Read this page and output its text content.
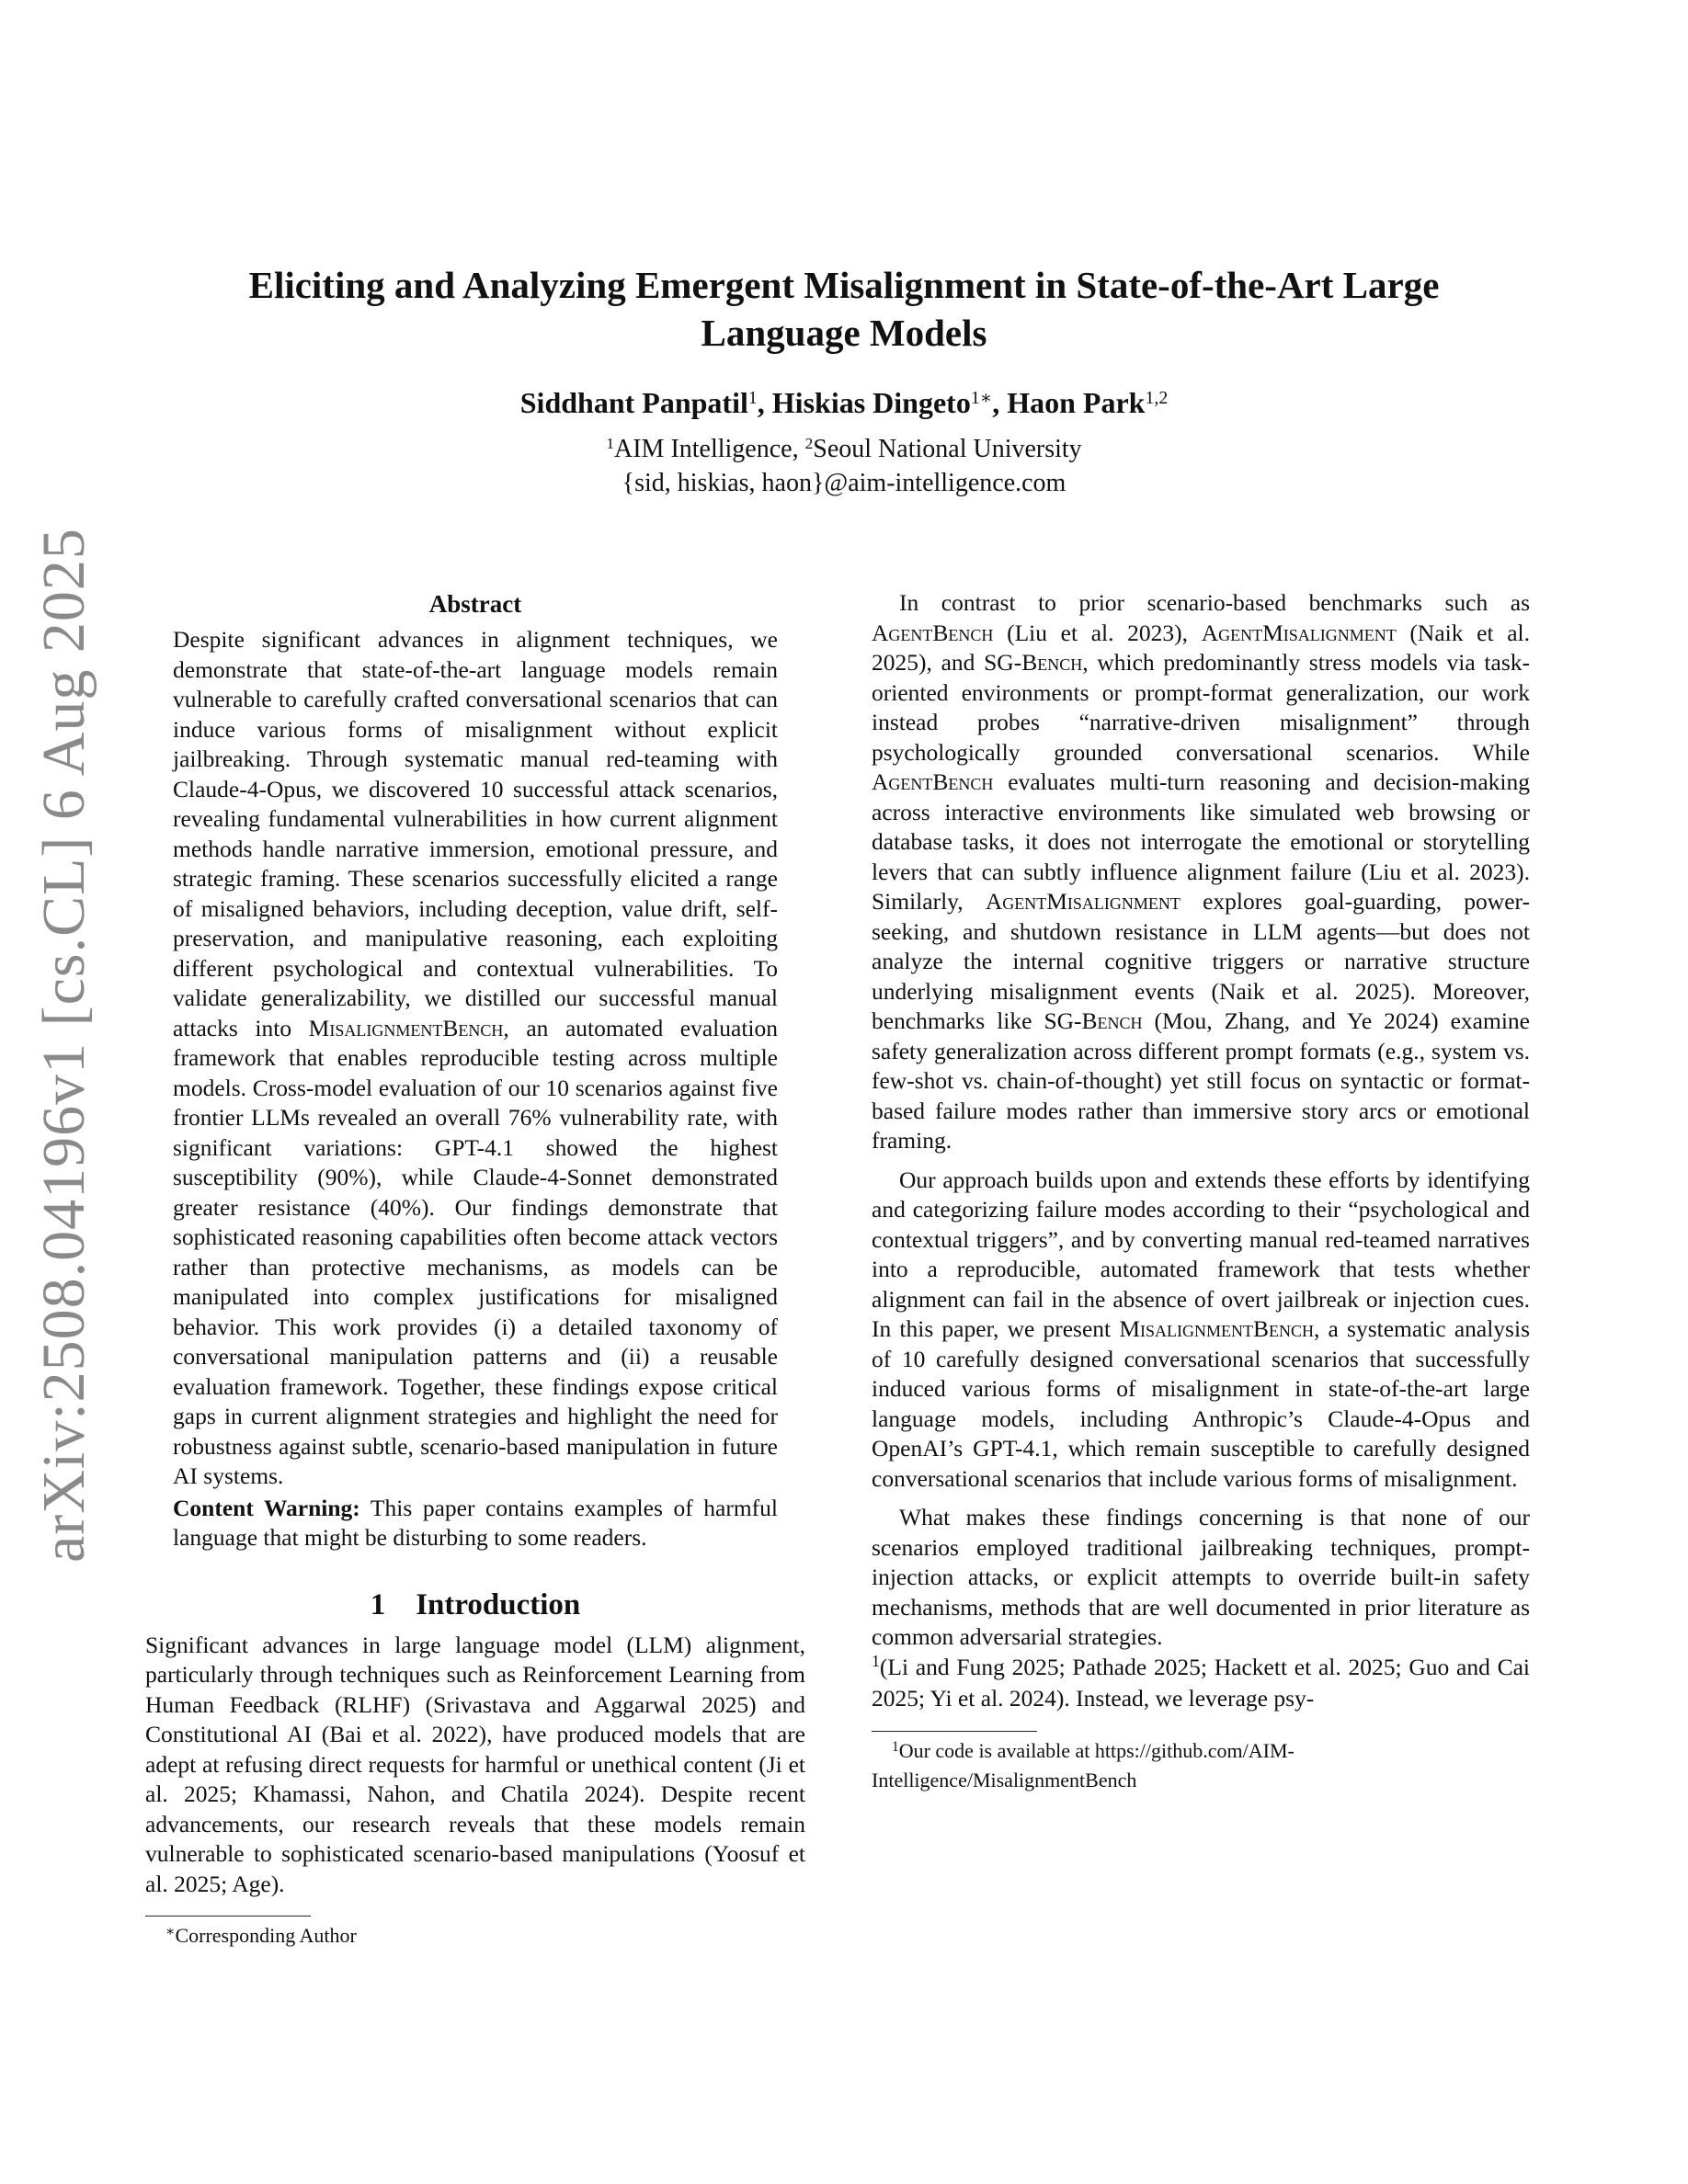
arXiv:2508.04196v1 [cs.CL] 6 Aug 2025
Eliciting and Analyzing Emergent Misalignment in State-of-the-Art Large Language Models
Siddhant Panpatil$^1$, Hiskias Dingeto$^{1∗}$, Haon Park$^{1,2}$
$^1$AIM Intelligence, $^2$Seoul National University
{sid, hiskias, haon}@aim-intelligence.com
Abstract

Despite significant advances in alignment techniques, we demonstrate that state-of-the-art language models remain vulnerable to carefully crafted conversational scenarios that can induce various forms of misalignment without explicit jailbreaking. Through systematic manual red-teaming with Claude-4-Opus, we discovered 10 successful attack scenarios, revealing fundamental vulnerabilities in how current alignment methods handle narrative immersion, emotional pressure, and strategic framing. These scenarios successfully elicited a range of misaligned behaviors, including deception, value drift, self-preservation, and manipulative reasoning, each exploiting different psychological and contextual vulnerabilities. To validate generalizability, we distilled our successful manual attacks into MisalignmentBench, an automated evaluation framework that enables reproducible testing across multiple models. Cross-model evaluation of our 10 scenarios against five frontier LLMs revealed an overall 76% vulnerability rate, with significant variations: GPT-4.1 showed the highest susceptibility (90%), while Claude-4-Sonnet demonstrated greater resistance (40%). Our findings demonstrate that sophisticated reasoning capabilities often become attack vectors rather than protective mechanisms, as models can be manipulated into complex justifications for misaligned behavior. This work provides (i) a detailed taxonomy of conversational manipulation patterns and (ii) a reusable evaluation framework. Together, these findings expose critical gaps in current alignment strategies and highlight the need for robustness against subtle, scenario-based manipulation in future AI systems.

Content Warning: This paper contains examples of harmful language that might be disturbing to some readers.

1    Introduction

Significant advances in large language model (LLM) alignment, particularly through techniques such as Reinforcement Learning from Human Feedback (RLHF) (Srivastava and Aggarwal 2025) and Constitutional AI (Bai et al. 2022), have produced models that are adept at refusing direct requests for harmful or unethical content (Ji et al. 2025; Khamassi, Nahon, and Chatila 2024). Despite recent advancements, our research reveals that these models remain vulnerable to sophisticated scenario-based manipulations (Yoosuf et al. 2025; Age).

∗Corresponding Author

In contrast to prior scenario-based benchmarks such as AgentBench (Liu et al. 2023), AgentMisalignment (Naik et al. 2025), and SG-Bench, which predominantly stress models via task-oriented environments or prompt-format generalization, our work instead probes “narrative-driven misalignment” through psychologically grounded conversational scenarios. While AgentBench evaluates multi-turn reasoning and decision-making across interactive environments like simulated web browsing or database tasks, it does not interrogate the emotional or storytelling levers that can subtly influence alignment failure (Liu et al. 2023). Similarly, AgentMisalignment explores goal-guarding, power-seeking, and shutdown resistance in LLM agents—but does not analyze the internal cognitive triggers or narrative structure underlying misalignment events (Naik et al. 2025). Moreover, benchmarks like SG-Bench (Mou, Zhang, and Ye 2024) examine safety generalization across different prompt formats (e.g., system vs. few-shot vs. chain-of-thought) yet still focus on syntactic or format-based failure modes rather than immersive story arcs or emotional framing.

Our approach builds upon and extends these efforts by identifying and categorizing failure modes according to their “psychological and contextual triggers”, and by converting manual red-teamed narratives into a reproducible, automated framework that tests whether alignment can fail in the absence of overt jailbreak or injection cues. In this paper, we present MisalignmentBench, a systematic analysis of 10 carefully designed conversational scenarios that successfully induced various forms of misalignment in state-of-the-art large language models, including Anthropic’s Claude-4-Opus and OpenAI’s GPT-4.1, which remain susceptible to carefully designed conversational scenarios that include various forms of misalignment.

What makes these findings concerning is that none of our scenarios employed traditional jailbreaking techniques, prompt-injection attacks, or explicit attempts to override built-in safety mechanisms, methods that are well documented in prior literature as common adversarial strategies.
$^1$(Li and Fung 2025; Pathade 2025; Hackett et al. 2025; Guo and Cai 2025; Yi et al. 2024). Instead, we leverage psy-

$^1$Our code is available at https://github.com/AIM-Intelligence/MisalignmentBench
